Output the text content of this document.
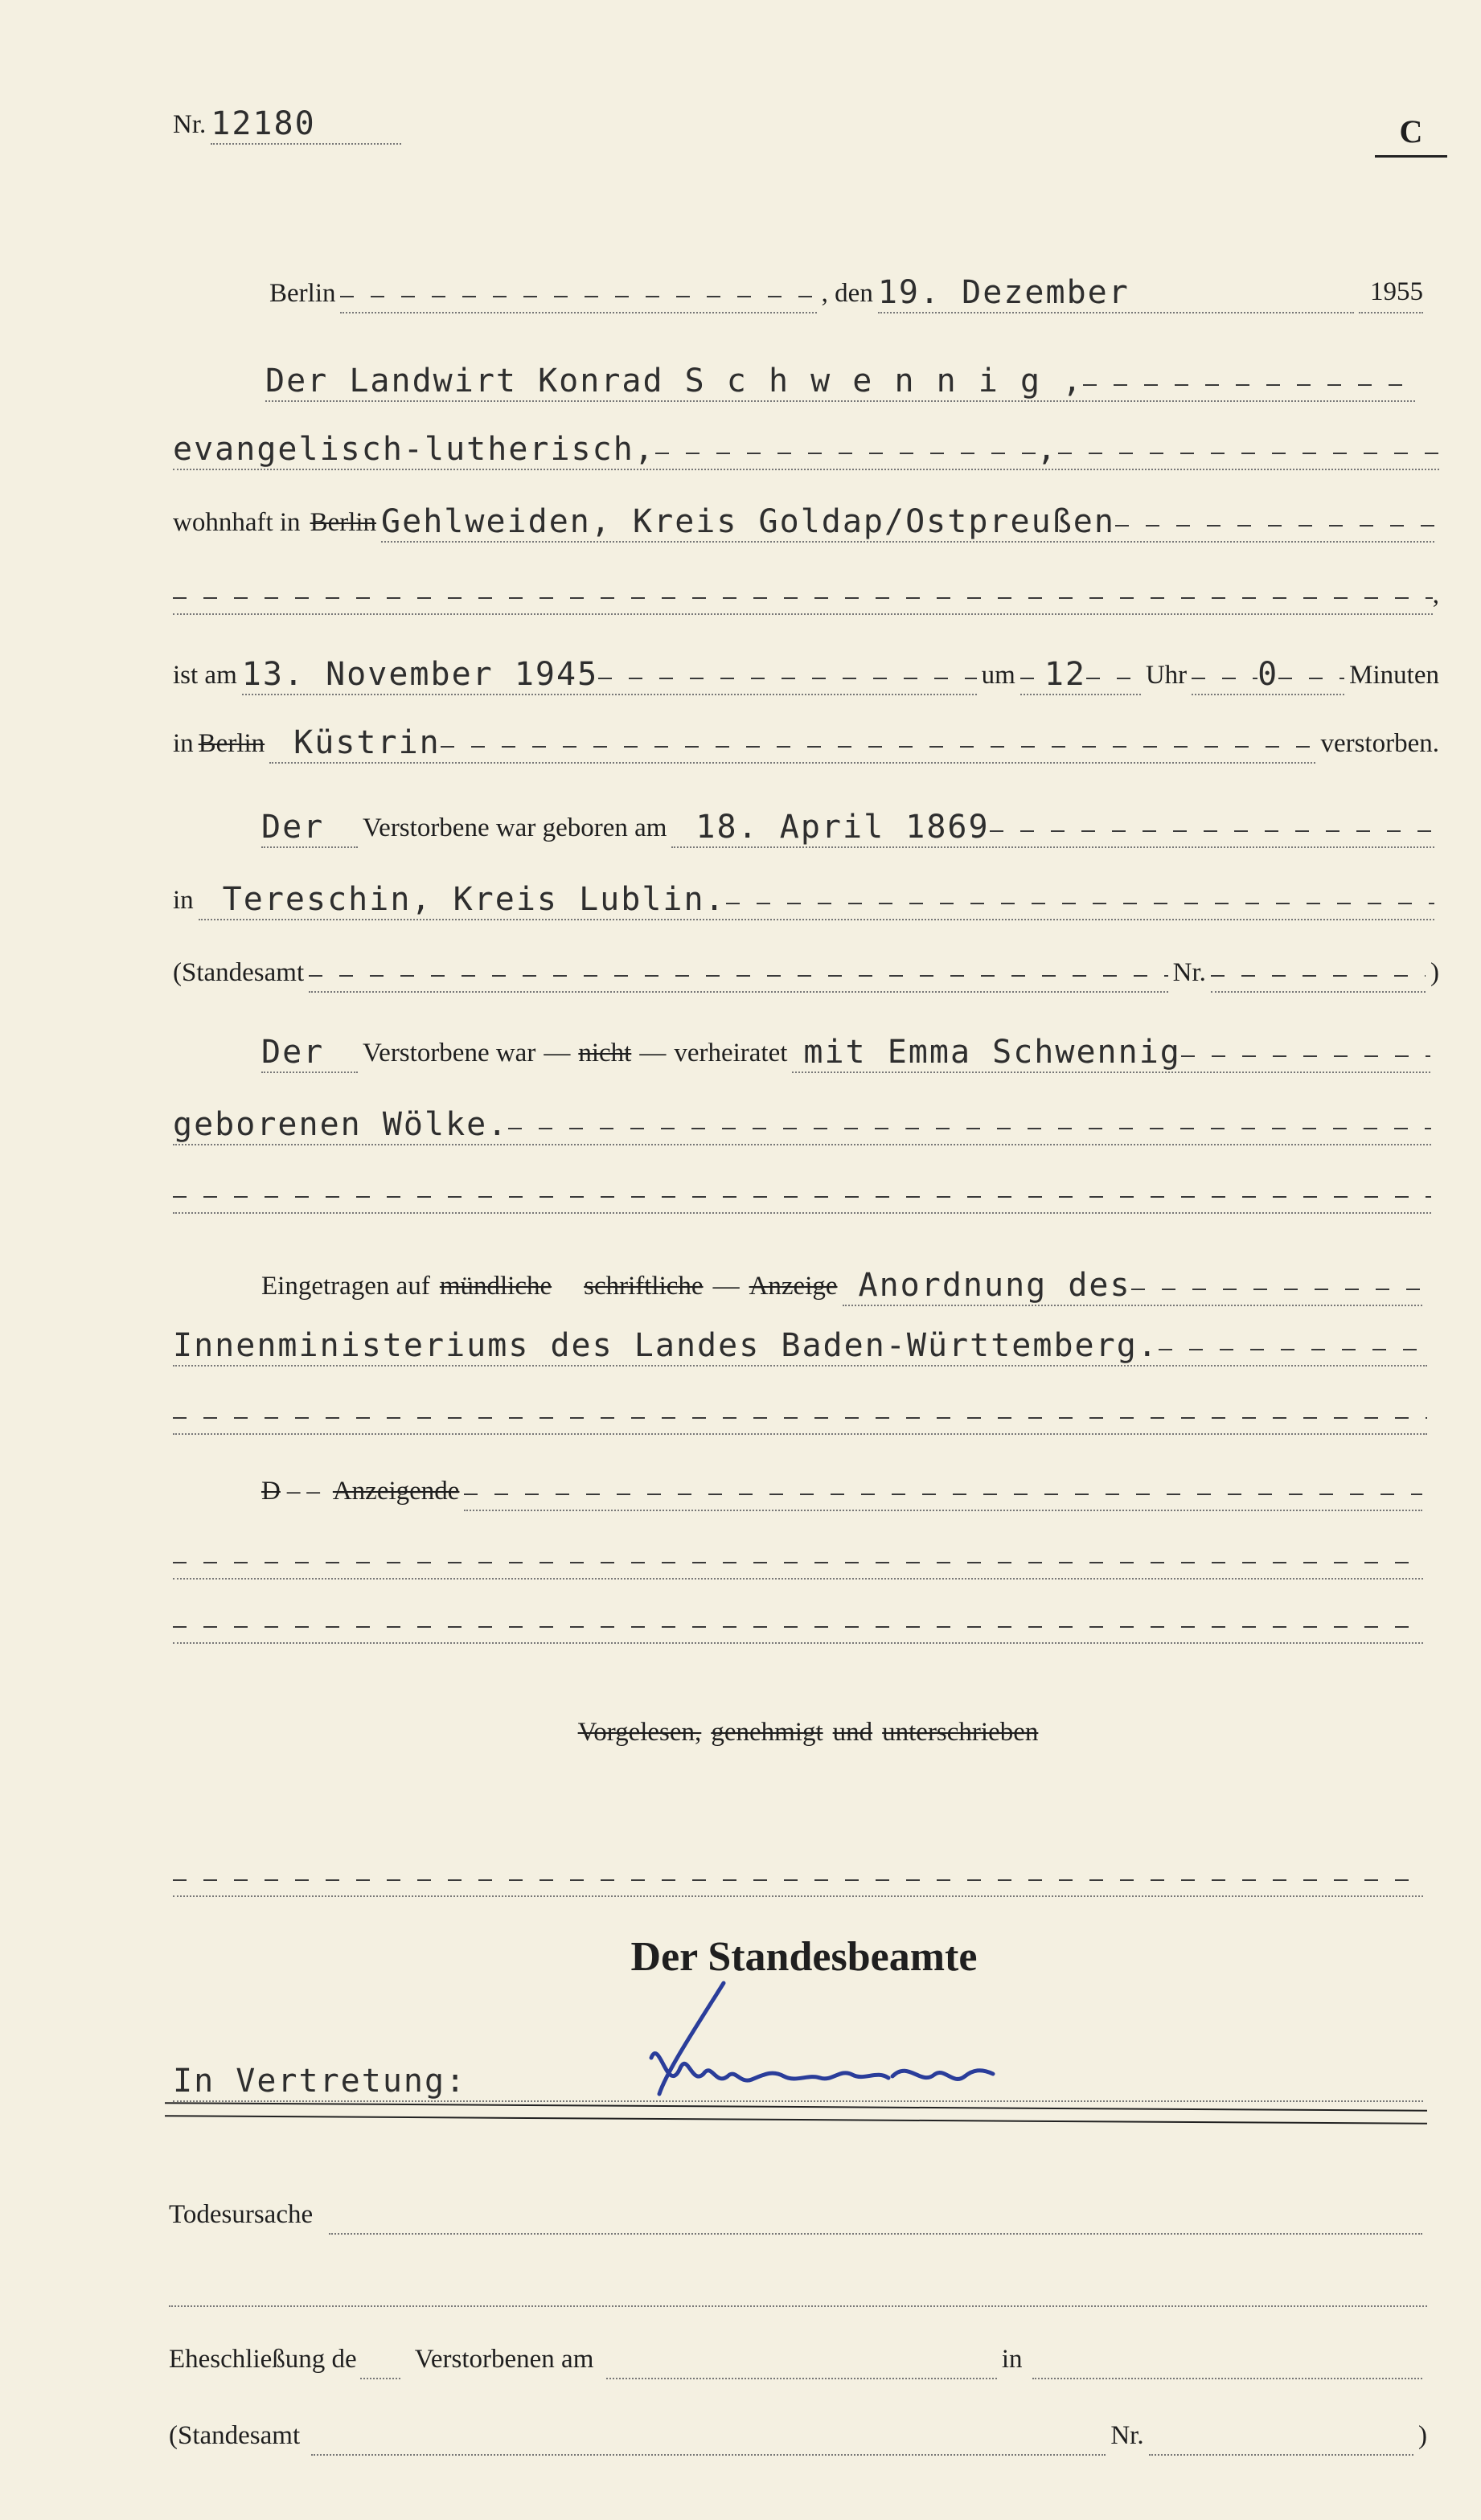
Nr. 12180	C
Berlin	, den 19. Dezember	1955
Der Landwirt Konrad S c h w e n n i g ,
evangelisch-lutherisch,	,
wohnhaft in Berlin Gehlweiden, Kreis Goldap/Ostpreußen
,
ist am 13. November 1945	um 12 Uhr 0	Minuten
in Berlin Küstrin	verstorben.
Der Verstorbene war geboren am 18. April 1869
in Tereschin, Kreis Lublin.
(Standesamt	Nr.	)
Der Verstorbene war — nicht — verheiratet mit Emma Schwennig
geborenen Wölke.
Eingetragen auf mündliche schriftliche — Anzeige Anordnung des
Innenministeriums des Landes Baden-Württemberg.
D ‒‒ Anzeigende
Vorgelesen, genehmigt und unterschrieben
Der Standesbeamte
In Vertretung:
Todesursache
Eheschließung de Verstorbenen am	in
(Standesamt	Nr.	)
